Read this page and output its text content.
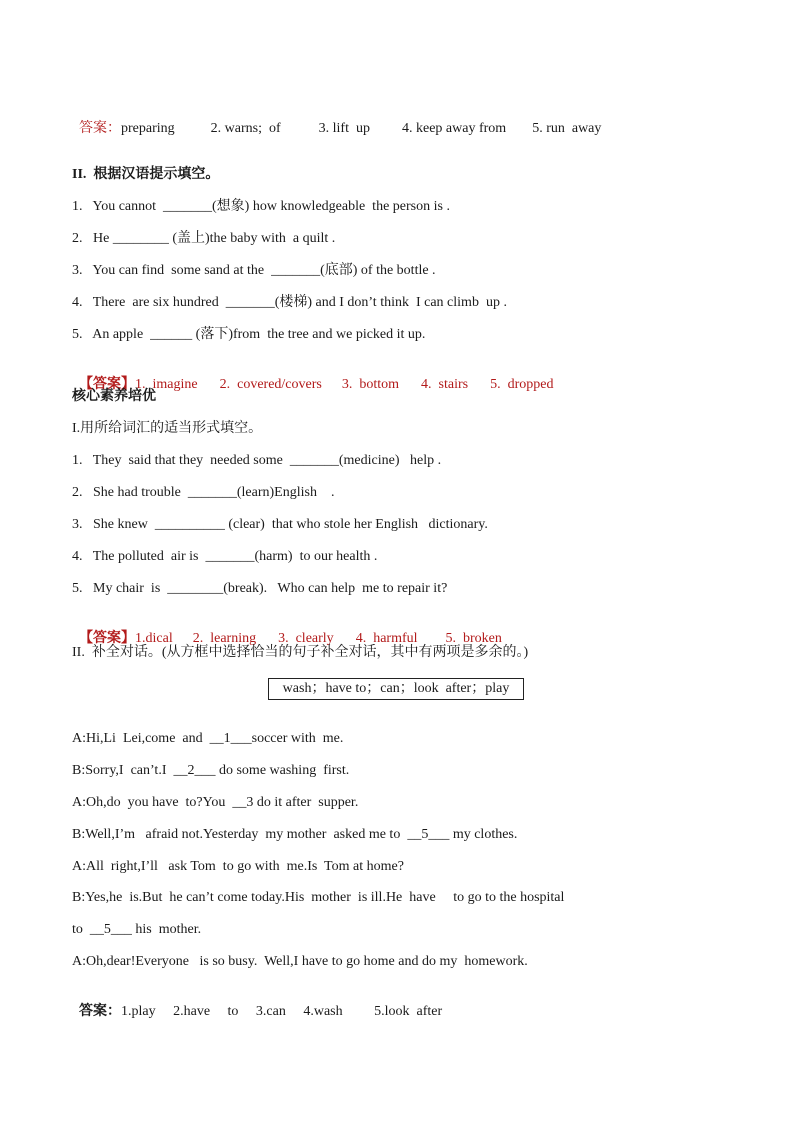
答案：preparing	2. warns;  of	3. lift  up 4. keep away from 5. run  away

II.  根据汉语提示填空。
1.   You cannot  _______(想象) how knowledgeable  the person is .
2.   He ________ (盖上)the baby with  a quilt .
3.   You can find  some sand at the  _______(底部) of the bottle .
4.   There  are six hundred  _______(楼梯) and I don’t think  I can climb  up .
5.   An apple  ______ (落下)from  the tree and we picked it up.

【答案】1.  imagine 2.  covered/covers 3.  bottom 4.  stairs 5.  dropped

核心素养培优
I.用所给词汇的适当形式填空。
1.   They  said that they  needed some  _______(medicine)   help .
2.   She had trouble  _______(learn)English    .
3.   She knew  __________ (clear)  that who stole her English   dictionary.
4.   The polluted  air is  _______(harm)  to our health .
5.   My chair  is  ________(break).   Who can help  me to repair it?

【答案】1.dical 2.  learning 3.  clearly 4.  harmful 5.  broken

II.  补全对话。(从方框中选择恰当的句子补全对话，其中有两项是多余的。)
wash；have to；can；look  after；play
A:Hi,Li  Lei,come  and  __1___soccer with  me.
B:Sorry,I  can’t.I  __2___ do some washing  first.
A:Oh,do  you have  to?You  __3 do it after  supper.
B:Well,I’m   afraid not.Yesterday  my mother  asked me to  __5___ my clothes.
A:All  right,I’ll   ask Tom  to go with  me.Is  Tom at home?
B:Yes,he  is.But  he can’t come today.His  mother  is ill.He  have     to go to the hospital
to  __5___ his  mother.
A:Oh,dear!Everyone   is so busy.  Well,I have to go home and do my  homework.

答案：1.play     2.have     to     3.can     4.wash         5.look  after
